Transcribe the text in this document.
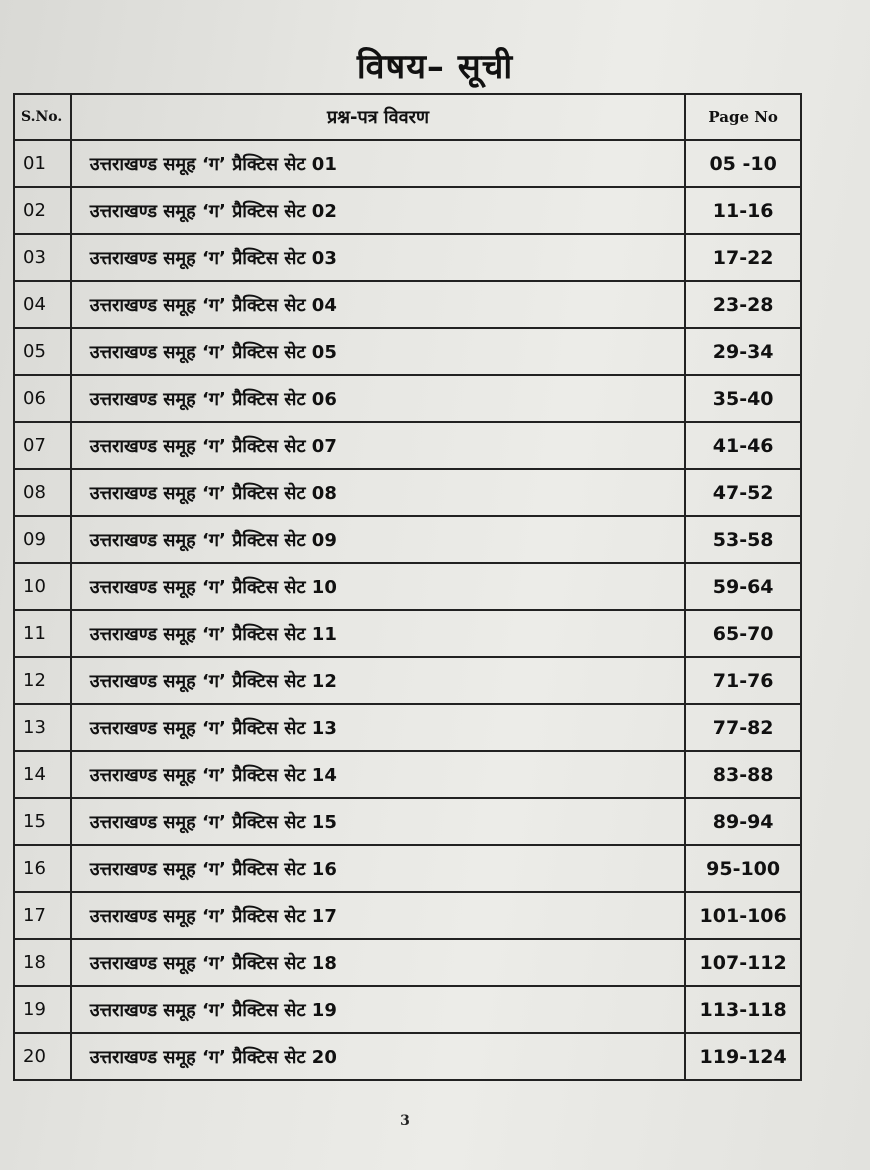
विषय– सूची
S.No.	प्रश्न-पत्र विवरण	Page No
01	उत्तराखण्ड समूह ‘ग’ प्रैक्टिस सेट 01	05 -10
02	उत्तराखण्ड समूह ‘ग’ प्रैक्टिस सेट 02	11-16
03	उत्तराखण्ड समूह ‘ग’ प्रैक्टिस सेट 03	17-22
04	उत्तराखण्ड समूह ‘ग’ प्रैक्टिस सेट 04	23-28
05	उत्तराखण्ड समूह ‘ग’ प्रैक्टिस सेट 05	29-34
06	उत्तराखण्ड समूह ‘ग’ प्रैक्टिस सेट 06	35-40
07	उत्तराखण्ड समूह ‘ग’ प्रैक्टिस सेट 07	41-46
08	उत्तराखण्ड समूह ‘ग’ प्रैक्टिस सेट 08	47-52
09	उत्तराखण्ड समूह ‘ग’ प्रैक्टिस सेट 09	53-58
10	उत्तराखण्ड समूह ‘ग’ प्रैक्टिस सेट 10	59-64
11	उत्तराखण्ड समूह ‘ग’ प्रैक्टिस सेट 11	65-70
12	उत्तराखण्ड समूह ‘ग’ प्रैक्टिस सेट 12	71-76
13	उत्तराखण्ड समूह ‘ग’ प्रैक्टिस सेट 13	77-82
14	उत्तराखण्ड समूह ‘ग’ प्रैक्टिस सेट 14	83-88
15	उत्तराखण्ड समूह ‘ग’ प्रैक्टिस सेट 15	89-94
16	उत्तराखण्ड समूह ‘ग’ प्रैक्टिस सेट 16	95-100
17	उत्तराखण्ड समूह ‘ग’ प्रैक्टिस सेट 17	101-106
18	उत्तराखण्ड समूह ‘ग’ प्रैक्टिस सेट 18	107-112
19	उत्तराखण्ड समूह ‘ग’ प्रैक्टिस सेट 19	113-118
20	उत्तराखण्ड समूह ‘ग’ प्रैक्टिस सेट 20	119-124
3
